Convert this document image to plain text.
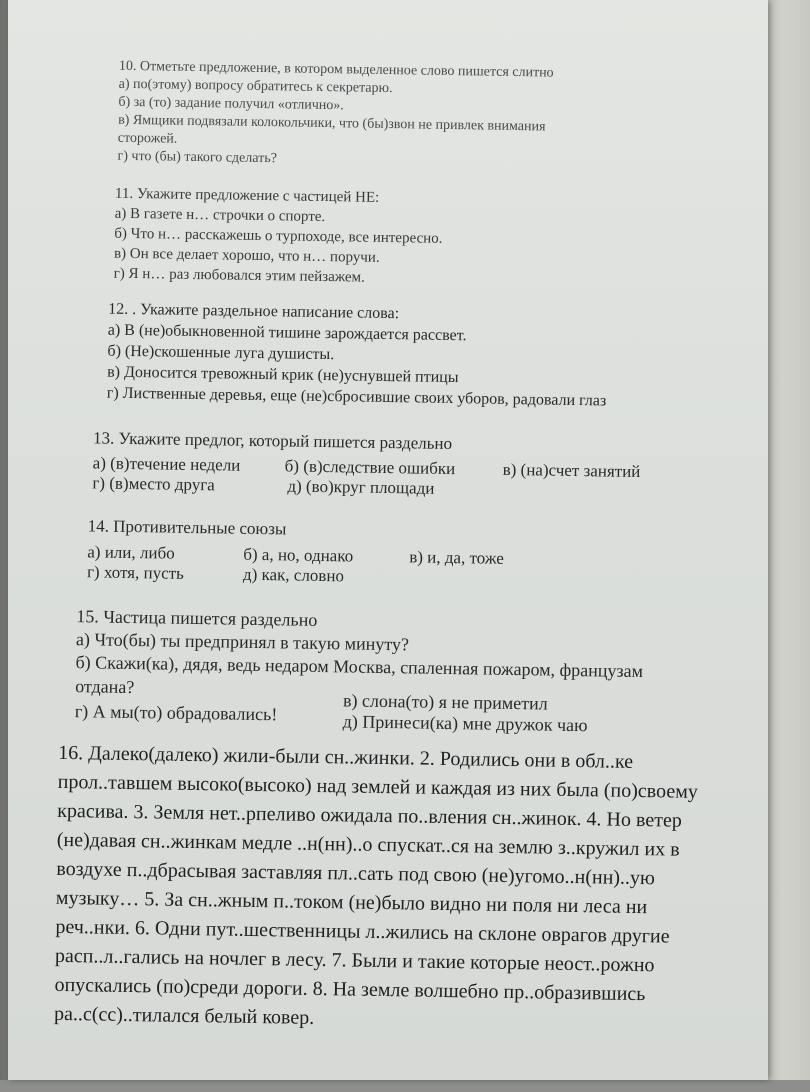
10. Отметьте предложение, в котором выделенное слово пишется слитно
а) по(этому) вопросу обратитесь к секретарю.
б) за (то) задание получил «отлично».
в) Ямщики подвязали колокольчики, что (бы)звон не привлек внимания
сторожей.
г) что (бы) такого сделать?
11. Укажите предложение с частицей НЕ:
а) В газете н… строчки о спорте.
б) Что н… расскажешь о турпоходе, все интересно.
в) Он все делает хорошо, что н… поручи.
г) Я н… раз любовался этим пейзажем.
12. . Укажите раздельное написание слова:
а) В (не)обыкновенной тишине зарождается рассвет.
б) (Не)скошенные луга душисты.
в) Доносится тревожный крик (не)уснувшей птицы
г) Лиственные деревья, еще (не)сбросившие своих уборов, радовали глаз
13. Укажите предлог, который пишется раздельно
а) (в)течение недели	б) (в)следствие ошибки	в) (на)счет занятий
г) (в)место друга	д) (во)круг площади
14. Противительные союзы
а) или, либо	б) а, но, однако	в) и, да, тоже
г) хотя, пусть	д) как, словно
15. Частица пишется раздельно
а) Что(бы) ты предпринял в такую минуту?
б) Скажи(ка), дядя, ведь недаром Москва, спаленная пожаром, французам
отдана?
в) слона(то) я не приметил
г) А мы(то) обрадовались!	д) Принеси(ка) мне дружок чаю
16. Далеко(далеко) жили-были сн..жинки. 2. Родились они в обл..ке
прол..тавшем высоко(высоко) над землей и каждая из них была (по)своему
красива. 3. Земля нет..рпеливо ожидала по..вления сн..жинок. 4. Но ветер
(не)давая сн..жинкам медле ..н(нн)..о спускат..ся на землю з..кружил их в
воздухе п..дбрасывая заставляя пл..сать под свою (не)угомо..н(нн)..ую
музыку… 5. За сн..жным п..током (не)было видно ни поля ни леса ни
реч..нки. 6. Одни пут..шественницы л..жились на склоне оврагов другие
расп..л..гались на ночлег в лесу. 7. Были и такие которые неост..рожно
опускались (по)среди дороги. 8. На земле волшебно пр..образившись
ра..с(сс)..тилался белый ковер.
